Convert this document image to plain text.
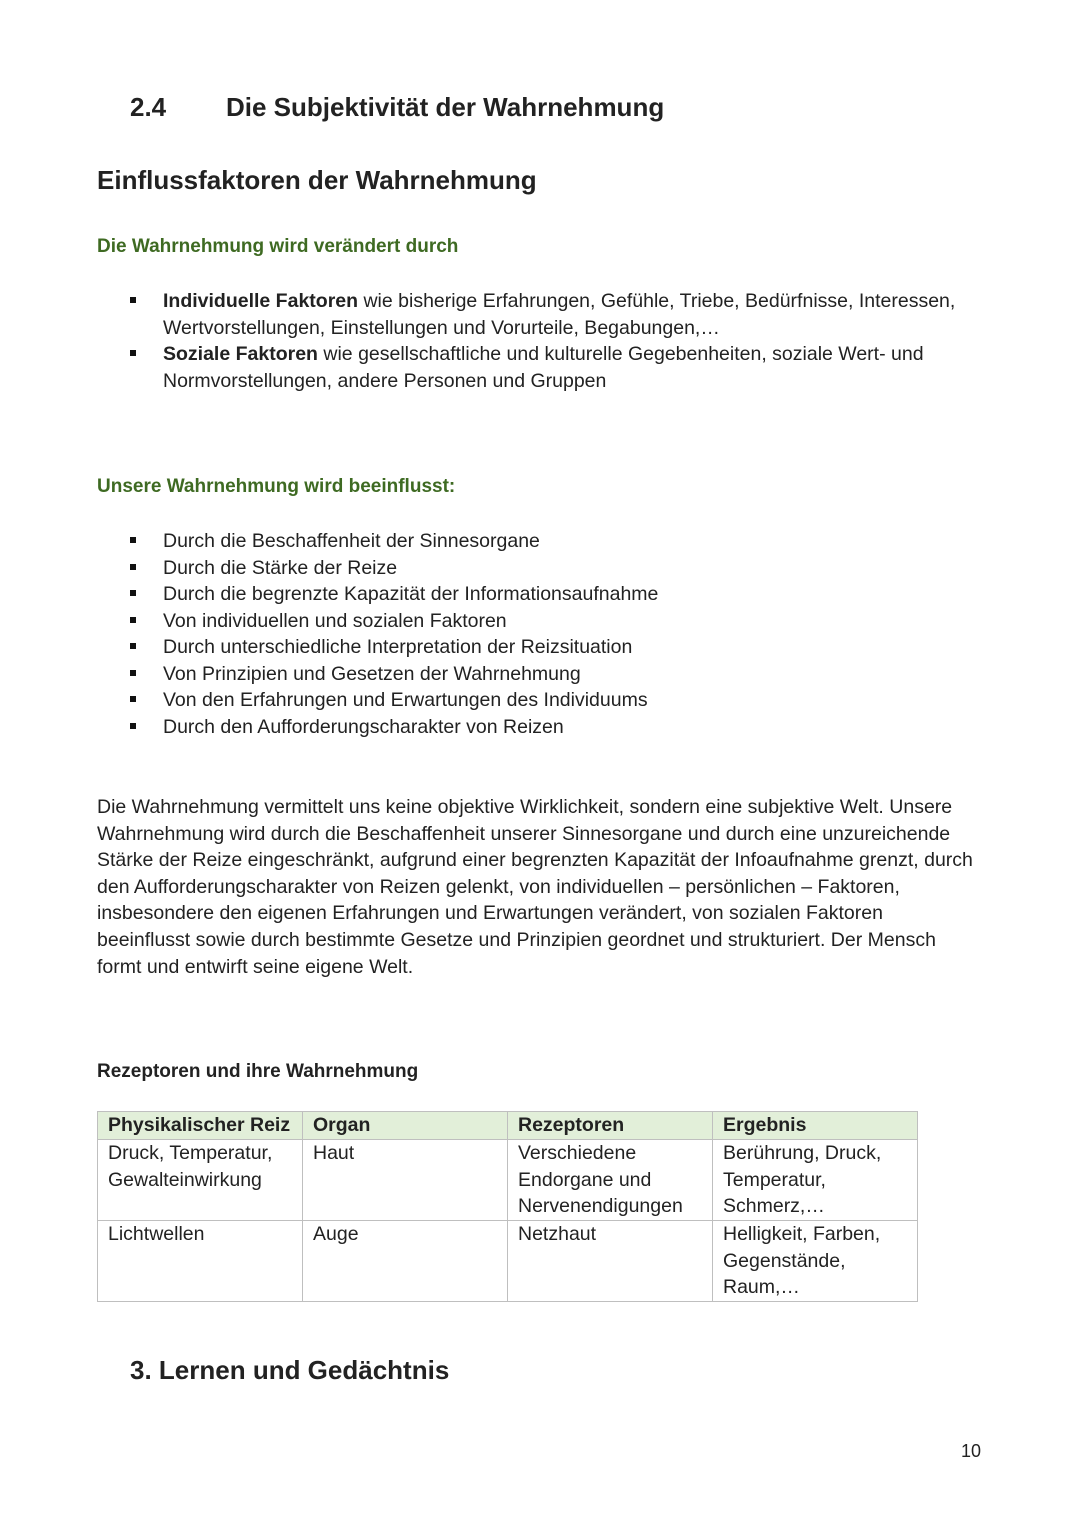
2.4 Die Subjektivität der Wahrnehmung
Einflussfaktoren der Wahrnehmung
Die Wahrnehmung wird verändert durch
Individuelle Faktoren wie bisherige Erfahrungen, Gefühle, Triebe, Bedürfnisse, Interessen, Wertvorstellungen, Einstellungen und Vorurteile, Begabungen,…
Soziale Faktoren wie gesellschaftliche und kulturelle Gegebenheiten, soziale Wert- und Normvorstellungen, andere Personen und Gruppen
Unsere Wahrnehmung wird beeinflusst:
Durch die Beschaffenheit der Sinnesorgane
Durch die Stärke der Reize
Durch die begrenzte Kapazität der Informationsaufnahme
Von individuellen und sozialen Faktoren
Durch unterschiedliche Interpretation der Reizsituation
Von Prinzipien und Gesetzen der Wahrnehmung
Von den Erfahrungen und Erwartungen des Individuums
Durch den Aufforderungscharakter von Reizen
Die Wahrnehmung vermittelt uns keine objektive Wirklichkeit, sondern eine subjektive Welt. Unsere Wahrnehmung wird durch die Beschaffenheit unserer Sinnesorgane und durch eine unzureichende Stärke der Reize eingeschränkt, aufgrund einer begrenzten Kapazität der Infoaufnahme grenzt, durch den Aufforderungscharakter von Reizen gelenkt, von individuellen – persönlichen – Faktoren, insbesondere den eigenen Erfahrungen und Erwartungen verändert, von sozialen Faktoren beeinflusst sowie durch bestimmte Gesetze und Prinzipien geordnet und strukturiert. Der Mensch formt und entwirft seine eigene Welt.
Rezeptoren und ihre Wahrnehmung
Physikalischer Reiz	Organ	Rezeptoren	Ergebnis
Druck, Temperatur, Gewalteinwirkung	Haut	Verschiedene Endorgane und Nervenendigungen	Berührung, Druck, Temperatur, Schmerz,…
Lichtwellen	Auge	Netzhaut	Helligkeit, Farben, Gegenstände, Raum,…
3. Lernen und Gedächtnis
10
